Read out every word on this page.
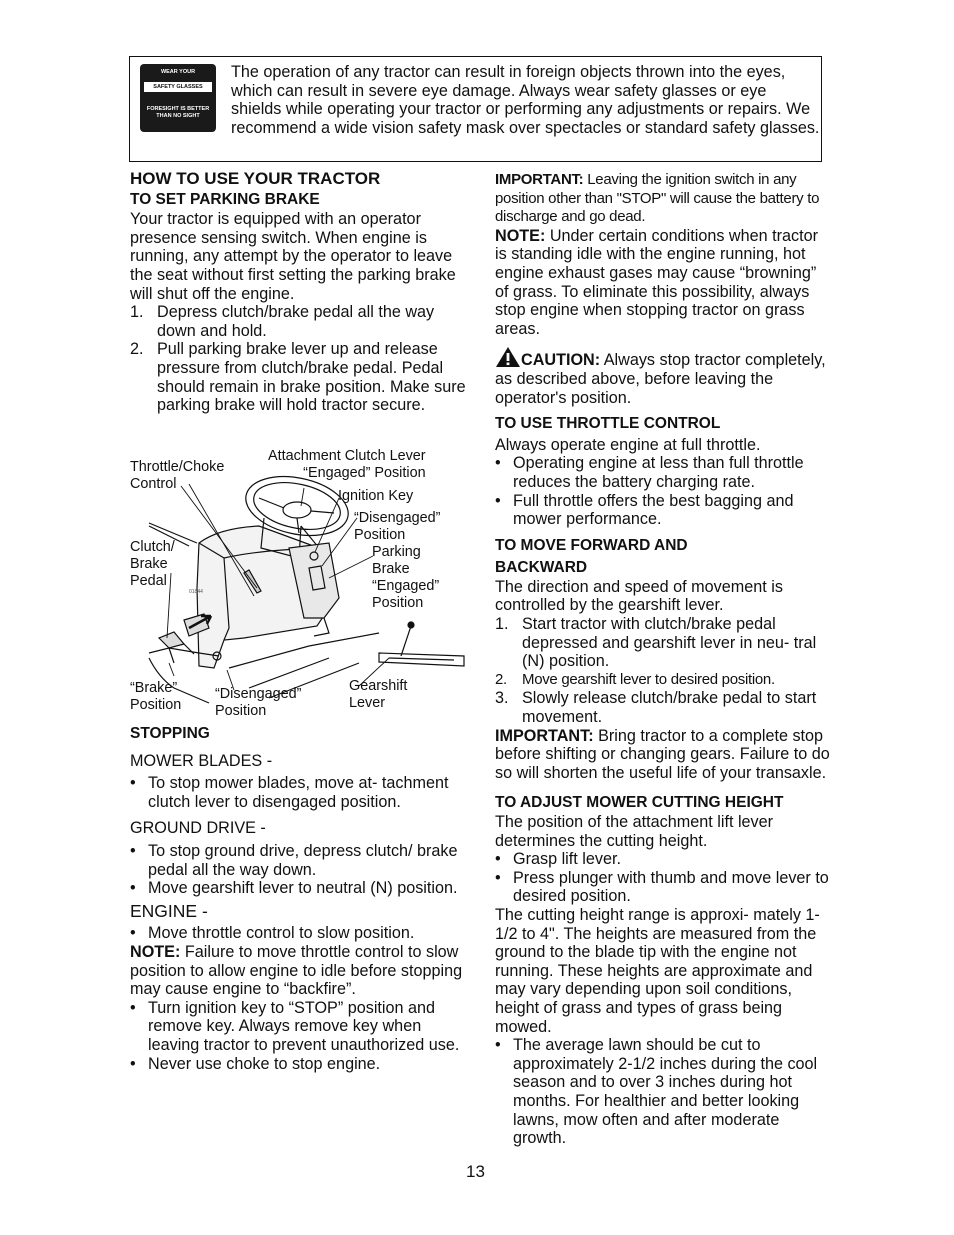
WEAR YOUR
SAFETY GLASSES
FORESIGHT IS BETTER THAN NO SIGHT
The operation of any tractor can result in foreign objects thrown into the eyes, which can result in severe eye damage. Always wear safety glasses or eye shields while operating your tractor or performing any adjustments or repairs. We recommend a wide vision safety mask over spectacles or standard safety glasses.

HOW TO USE YOUR TRACTOR

TO SET PARKING BRAKE

Your tractor is equipped with an operator presence sensing switch. When engine is running, any attempt by the operator to leave the seat without first setting the parking brake will shut off the engine.

1. Depress clutch/brake pedal all the way down and hold.
2. Pull parking brake lever up and release pressure from clutch/brake pedal. Pedal should remain in brake position. Make sure parking brake will hold tractor secure.
01844
Throttle/Choke
Control
Attachment Clutch Lever
“Engaged” Position
Ignition Key
“Disengaged”
Position
Parking
Brake
“Engaged”
Position
Clutch/
Brake
Pedal
“Brake”
Position
“Disengaged”
Position
Gearshift
Lever

STOPPING

MOWER BLADES -

• To stop mower blades, move at- tachment clutch lever to disengaged position.

GROUND DRIVE -

• To stop ground drive, depress clutch/ brake pedal all the way down.
• Move gearshift lever to neutral (N) position.

ENGINE -

• Move throttle control to slow position.

NOTE: Failure to move throttle control to slow position to allow engine to idle before stopping may cause engine to “backfire”.

• Turn ignition key to “STOP” position and remove key. Always remove key when leaving tractor to prevent unauthorized use.
• Never use choke to stop engine.

IMPORTANT: Leaving the ignition switch in any position other than "STOP" will cause the battery to discharge and go dead.

NOTE: Under certain conditions when tractor is standing idle with the engine running, hot engine exhaust gases may cause “browning” of grass. To eliminate this possibility, always stop engine when stopping tractor on grass areas.

CAUTION: Always stop tractor completely, as described above, before leaving the operator's position.

TO USE THROTTLE CONTROL

Always operate engine at full throttle.

• Operating engine at less than full throttle reduces the battery charging rate.
• Full throttle offers the best bagging and mower performance.

TO MOVE FORWARD AND

BACKWARD

The direction and speed of movement is controlled by the gearshift lever.

1. Start tractor with clutch/brake pedal depressed and gearshift lever in neu- tral (N) position.
2. Move gearshift lever to desired position.
3. Slowly release clutch/brake pedal to start movement.

IMPORTANT: Bring tractor to a complete stop before shifting or changing gears. Failure to do so will shorten the useful life of your transaxle.

TO ADJUST MOWER CUTTING HEIGHT

The position of the attachment lift lever determines the cutting height.

• Grasp lift lever.
• Press plunger with thumb and move lever to desired position.

The cutting height range is approxi- mately 1-1/2 to 4". The heights are measured from the ground to the blade tip with the engine not running. These heights are approximate and may vary depending upon soil conditions, height of grass and types of grass being mowed.

• The average lawn should be cut to approximately 2-1/2 inches during the cool season and to over 3 inches during hot months. For healthier and better looking lawns, mow often and after moderate growth.
13
